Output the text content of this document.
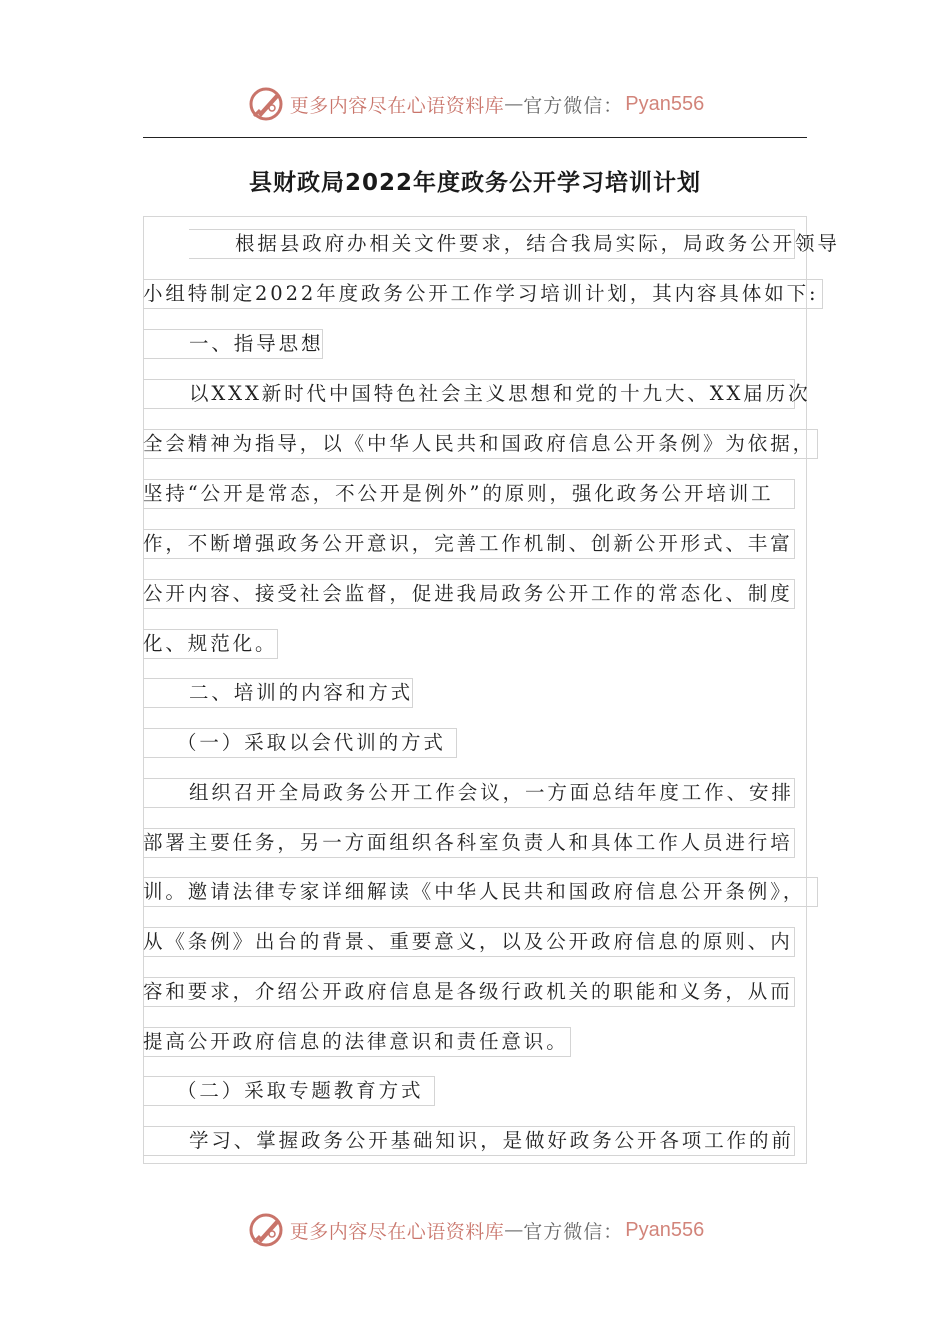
更多内容尽在心语资料库 — 官方微信： Pyan556
县财政局2022年度政务公开学习培训计划
根据县政府办相关文件要求，结合我局实际，局政务公开领导
小组特制定2022年度政务公开工作学习培训计划，其内容具体如下:
一、指导思想
以XXX新时代中国特色社会主义思想和党的十九大、XX届历次
全会精神为指导，以《中华人民共和国政府信息公开条例》为依据，
坚持“公开是常态，不公开是例外”的原则，强化政务公开培训工
作，不断增强政务公开意识，完善工作机制、创新公开形式、丰富
公开内容、接受社会监督，促进我局政务公开工作的常态化、制度
化、规范化。
二、培训的内容和方式
（一）采取以会代训的方式
组织召开全局政务公开工作会议，一方面总结年度工作、安排
部署主要任务，另一方面组织各科室负责人和具体工作人员进行培
训。邀请法律专家详细解读《中华人民共和国政府信息公开条例》，
从《条例》出台的背景、重要意义，以及公开政府信息的原则、内
容和要求，介绍公开政府信息是各级行政机关的职能和义务，从而
提高公开政府信息的法律意识和责任意识。
（二）采取专题教育方式
学习、掌握政务公开基础知识，是做好政务公开各项工作的前
更多内容尽在心语资料库 — 官方微信： Pyan556
